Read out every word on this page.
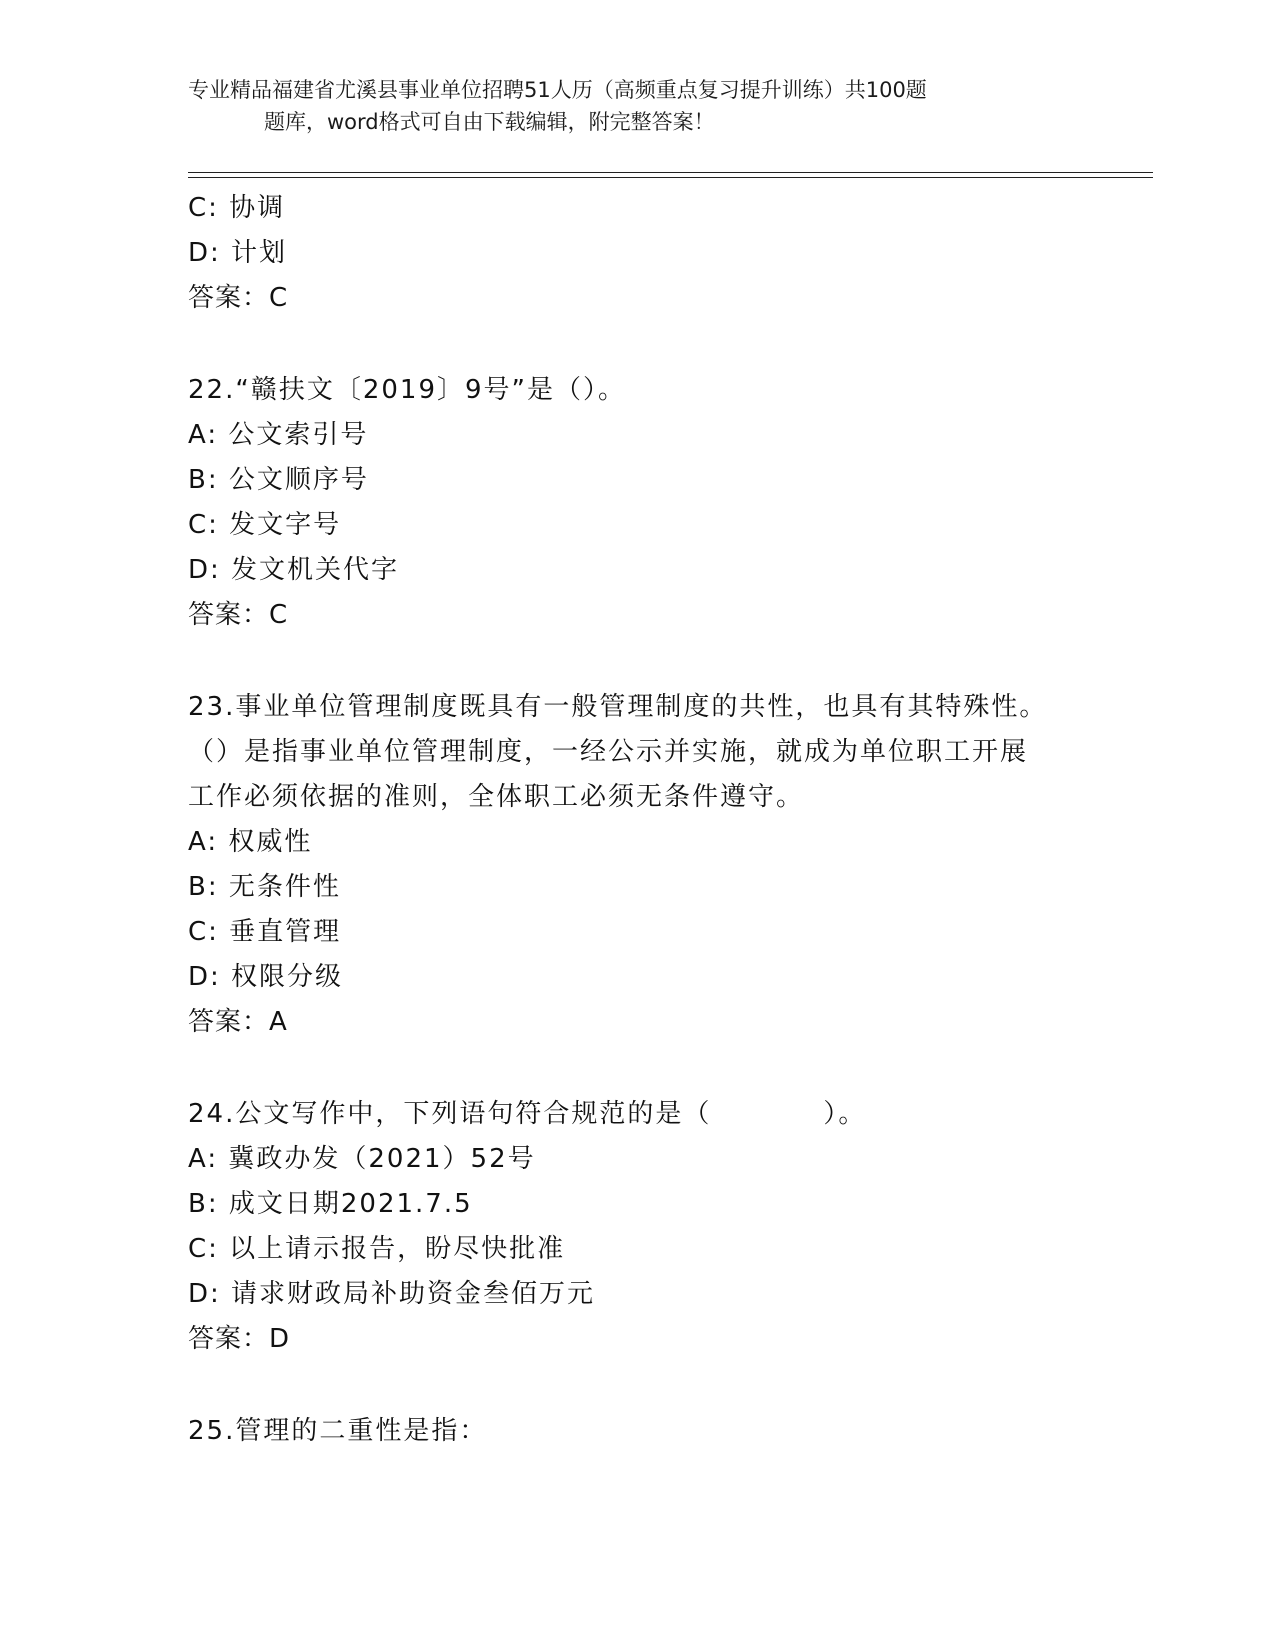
专业精品福建省尤溪县事业单位招聘51人历（高频重点复习提升训练）共100题
题库，word格式可自由下载编辑，附完整答案！
C: 协调
D: 计划
答案：C
22.“赣扶文〔2019〕9号”是（）。
A: 公文索引号
B: 公文顺序号
C: 发文字号
D: 发文机关代字
答案：C
23.事业单位管理制度既具有一般管理制度的共性，也具有其特殊性。
（）是指事业单位管理制度，一经公示并实施，就成为单位职工开展
工作必须依据的准则，全体职工必须无条件遵守。
A: 权威性
B: 无条件性
C: 垂直管理
D: 权限分级
答案：A
24.公文写作中，下列语句符合规范的是（　　　　）。
A: 冀政办发（2021）52号
B: 成文日期2021.7.5
C: 以上请示报告，盼尽快批准
D: 请求财政局补助资金叁佰万元
答案：D
25.管理的二重性是指：
